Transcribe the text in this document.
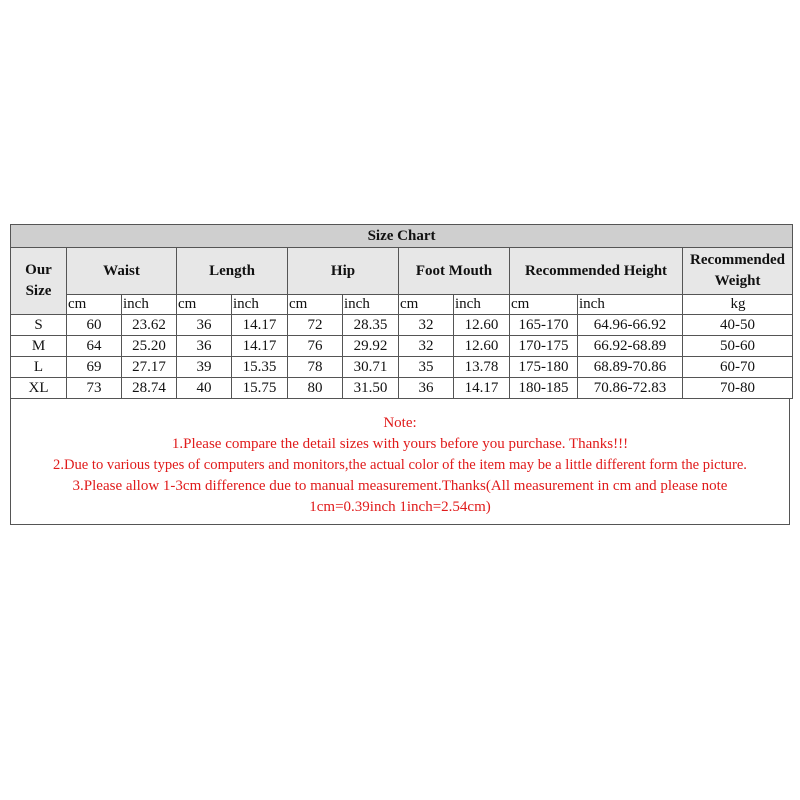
Size Chart											
Our Size	Waist		Length		Hip		Foot Mouth		Recommended Height		Recommended Weight
	cm	inch	cm	inch	cm	inch	cm	inch	cm	inch	kg
S	60	23.62	36	14.17	72	28.35	32	12.60	165-170	64.96-66.92	40-50
M	64	25.20	36	14.17	76	29.92	32	12.60	170-175	66.92-68.89	50-60
L	69	27.17	39	15.35	78	30.71	35	13.78	175-180	68.89-70.86	60-70
XL	73	28.74	40	15.75	80	31.50	36	14.17	180-185	70.86-72.83	70-80
Note:
1.Please compare the detail sizes with yours before you purchase. Thanks!!!
2.Due to various types of computers and monitors,the actual color of the item may be a little different form the picture.
3.Please allow 1-3cm difference due to manual measurement.Thanks(All measurement in cm and please note
1cm=0.39inch 1inch=2.54cm)
